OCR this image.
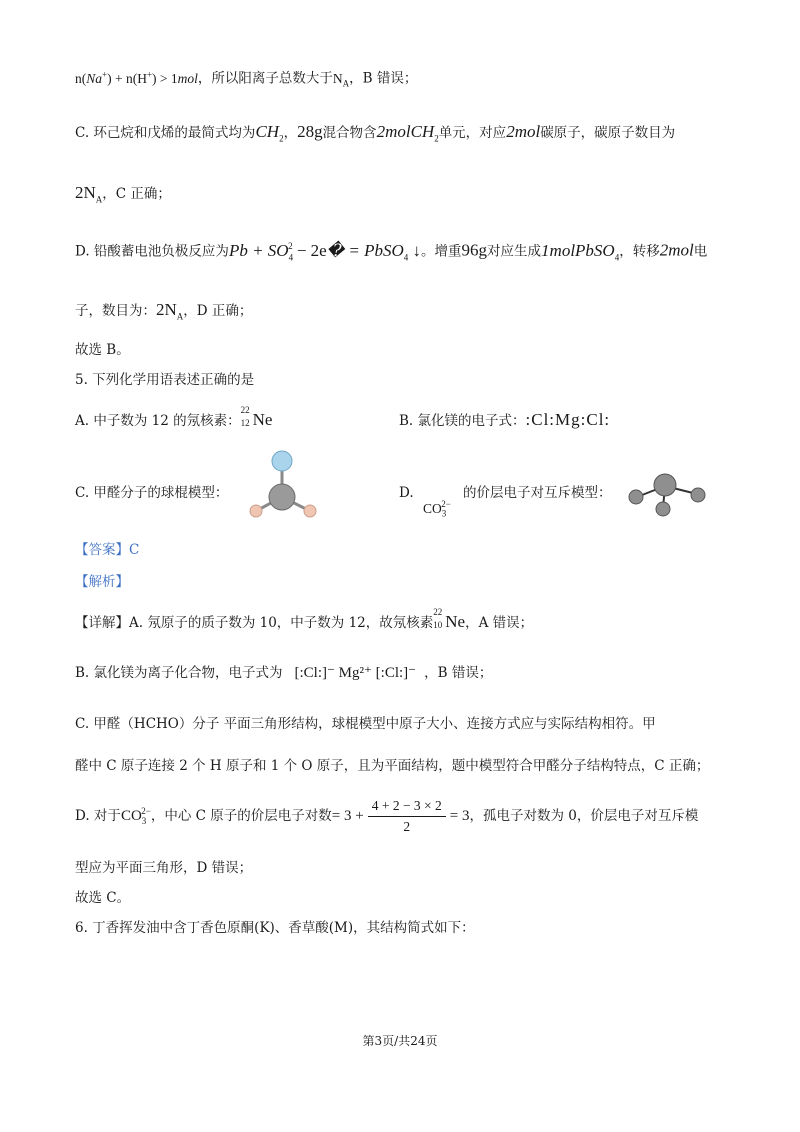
n(Na+) + n(H+) > 1mol，所以阳离子总数大于$N_A$，B 错误；
C. 环己烷和戊烯的最简式均为$CH_2$，28g混合物含2molCH$_2$单元，对应2mol碳原子，碳原子数目为
$2N_A$，C 正确；
D. 铅酸蓄电池负极反应为$Pb + SO_4^2$ − 2e� = PbSO$_4$ ↓。增重96g对应生成1molPbSO$_4$，转移2mol电
子，数目为：$2N_A$，D 正确；
故选 B。
5. 下列化学用语表述正确的是
A. 中子数为 12 的氖核素：
22
12 Ne	B. 氯化镁的电子式：:Cl:Mg:Cl:
C. 甲醛分子的球棍模型：	D.
$CO_3^{2-}$
的价层电子对互斥模型：
【答案】C
【解析】
【详解】A. 氖原子的质子数为 10，中子数为 12，故氖核素
22
10 Ne，A 错误；
B. 氯化镁为离子化合物，电子式为 [:Cl:]⁻ Mg²⁺ [:Cl:]⁻ ，B 错误；
C. 甲醛（HCHO）分子 平面三角形结构，球棍模型中原子大小、连接方式应与实际结构相符。甲
醛中 C 原子连接 2 个 H 原子和 1 个 O 原子，且为平面结构，题中模型符合甲醛分子结构特点，C 正确；
D. 对于$CO_3^{2-}$，中心 C 原子的价层电子对数= $3 + \frac{4 + 2 - 3 \times 2}{2} = 3$，孤电子对数为 0，价层电子对互斥模
型应为平面三角形，D 错误；
故选 C。
6. 丁香挥发油中含丁香色原酮(K)、香草酸(M)，其结构简式如下：
第3页/共24页
